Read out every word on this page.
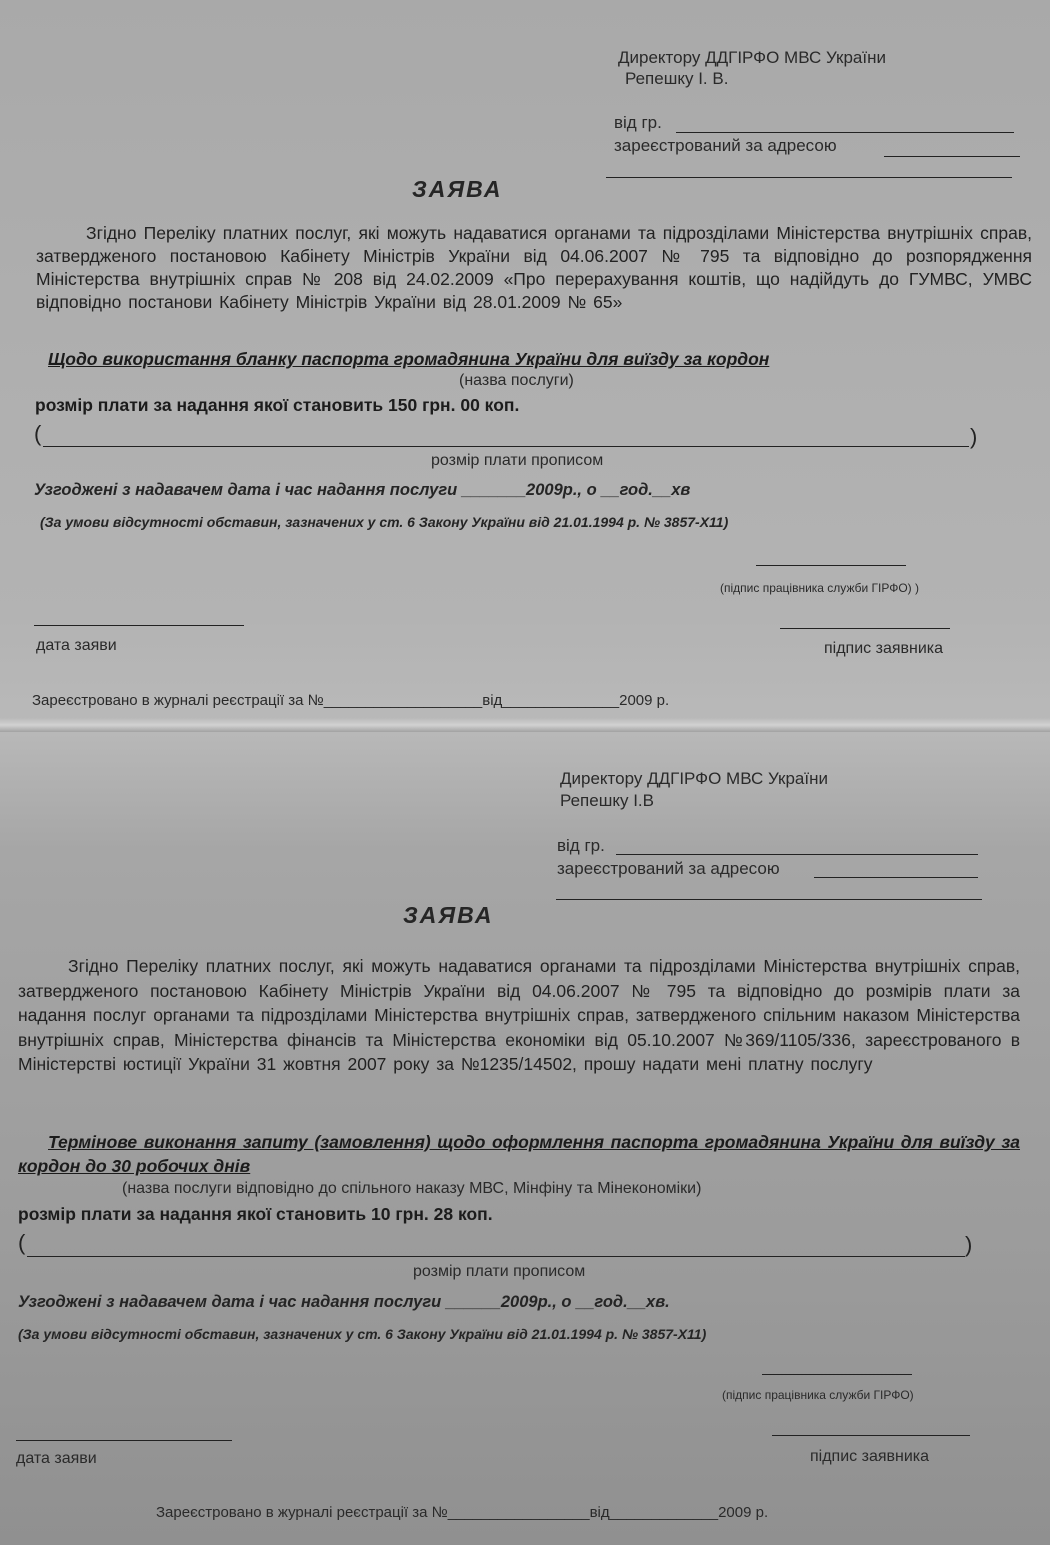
Директору ДДГІРФО МВС України
Репешку І. В.
від гр.
зареєстрований за адресою
ЗАЯВА
Згідно Переліку платних послуг, які можуть надаватися органами та підрозділами Міністерства внутрішніх справ, затвердженого постановою Кабінету Міністрів України від 04.06.2007 № 795 та відповідно до розпорядження Міністерства внутрішніх справ № 208 від 24.02.2009 «Про перерахування коштів, що надійдуть до ГУМВС, УМВС відповідно постанови Кабінету Міністрів України від 28.01.2009 № 65»
Щодо використання бланку паспорта громадянина України для виїзду за кордон
(назва послуги)
розмір плати за надання якої становить 150 грн. 00 коп.
(	)
розмір плати прописом
Узгоджені з надавачем дата і час надання послуги _______2009р., о __год.__хв
(За умови відсутності обставин, зазначених у ст. 6 Закону України від 21.01.1994 р. № 3857-Х11)
(підпис працівника служби ГІРФО) )
дата заяви	підпис заявника
Зареєстровано в журналі реєстрації за №___________________від______________2009 р.
Директору ДДГІРФО МВС України
Репешку І.В
від гр.
зареєстрований за адресою
ЗАЯВА
Згідно Переліку платних послуг, які можуть надаватися органами та підрозділами Міністерства внутрішніх справ, затвердженого постановою Кабінету Міністрів України від 04.06.2007 № 795 та відповідно до розмірів плати за надання послуг органами та підрозділами Міністерства внутрішніх справ, затвердженого спільним наказом Міністерства внутрішніх справ, Міністерства фінансів та Міністерства економіки від 05.10.2007 №369/1105/336, зареєстрованого в Міністерстві юстиції України 31 жовтня 2007 року за №1235/14502, прошу надати мені платну послугу
Термінове виконання запиту (замовлення) щодо оформлення паспорта громадянина України для виїзду за кордон до 30 робочих днів
(назва послуги відповідно до спільного наказу МВС, Мінфіну та Мінекономіки)
розмір плати за надання якої становить 10 грн. 28 коп.
(	)
розмір плати прописом
Узгоджені з надавачем дата і час надання послуги ______2009р., о __год.__хв.
(За умови відсутності обставин, зазначених у ст. 6 Закону України від 21.01.1994 р. № 3857-Х11)
(підпис працівника служби ГІРФО)
дата заяви	підпис заявника
Зареєстровано в журналі реєстрації за №_________________від_____________2009 р.
